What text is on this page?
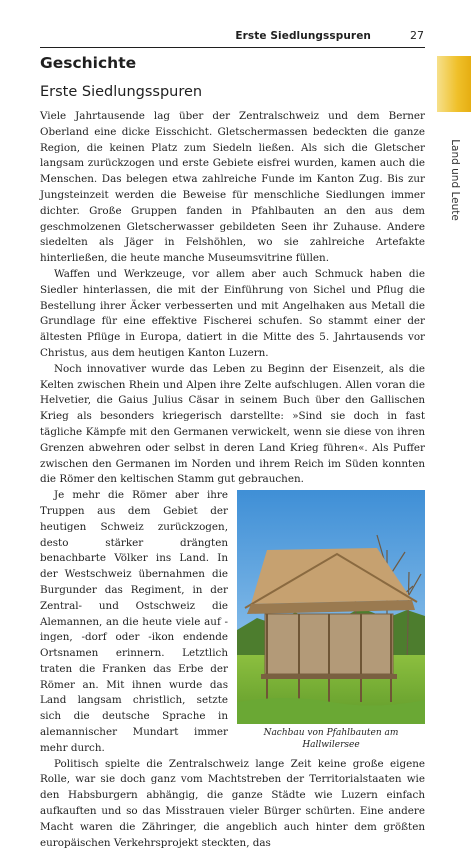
Erste Siedlungsspuren	27
Land und Leute
Geschichte
Erste Siedlungsspuren

Viele Jahrtausende lag über der Zentralschweiz und dem Berner Oberland eine dicke Eisschicht. Gletschermassen bedeckten die ganze Region, die keinen Platz zum Siedeln ließen. Als sich die Gletscher langsam zurückzogen und erste Gebiete eisfrei wurden, kamen auch die Menschen. Das belegen etwa zahlreiche Funde im Kanton Zug. Bis zur Jungsteinzeit werden die Beweise für menschliche Siedlungen immer dichter. Große Gruppen fanden in Pfahlbauten an den aus dem geschmolzenen Gletscherwasser gebildeten Seen ihr Zuhause. Andere siedelten als Jäger in Felshöhlen, wo sie zahlreiche Artefakte hinterließen, die heute manche Museumsvitrine füllen.

Waffen und Werkzeuge, vor allem aber auch Schmuck haben die Siedler hinterlassen, die mit der Einführung von Sichel und Pflug die Bestellung ihrer Äcker verbesserten und mit Angelhaken aus Metall die Grundlage für eine effektive Fischerei schufen. So stammt einer der ältesten Pflüge in Europa, datiert in die Mitte des 5. Jahrtausends vor Christus, aus dem heutigen Kanton Luzern.

Noch innovativer wurde das Leben zu Beginn der Eisenzeit, als die Kelten zwischen Rhein und Alpen ihre Zelte aufschlugen. Allen voran die Helvetier, die Gaius Julius Cäsar in seinem Buch über den Gallischen Krieg als besonders kriegerisch darstellte: »Sind sie doch in fast tägliche Kämpfe mit den Germanen verwickelt, wenn sie diese von ihren Grenzen abwehren oder selbst in deren Land Krieg führen«. Als Puffer zwischen den Germanen im Norden und ihrem Reich im Süden konnten die Römer den keltischen Stamm gut gebrauchen.

Nachbau von Pfahlbauten am Hallwilersee
Je mehr die Römer aber ihre Truppen aus dem Gebiet der heutigen Schweiz zurückzogen, desto stärker drängten benachbarte Völker ins Land. In der Westschweiz übernahmen die Burgunder das Regiment, in der Zentral- und Ostschweiz die Alemannen, an die heute viele auf -ingen, -dorf oder -ikon endende Ortsnamen erinnern. Letztlich traten die Franken das Erbe der Römer an. Mit ihnen wurde das Land langsam christlich, setzte sich die deutsche Sprache in alemannischer Mundart immer mehr durch.

Politisch spielte die Zentralschweiz lange Zeit keine große eigene Rolle, war sie doch ganz vom Machtstreben der Territorialstaaten wie den Habsburgern abhängig, die ganze Städte wie Luzern einfach aufkauften und so das Misstrauen vieler Bürger schürten. Eine andere Macht waren die Zähringer, die angeblich auch hinter dem größten europäischen Verkehrsprojekt steckten, das
